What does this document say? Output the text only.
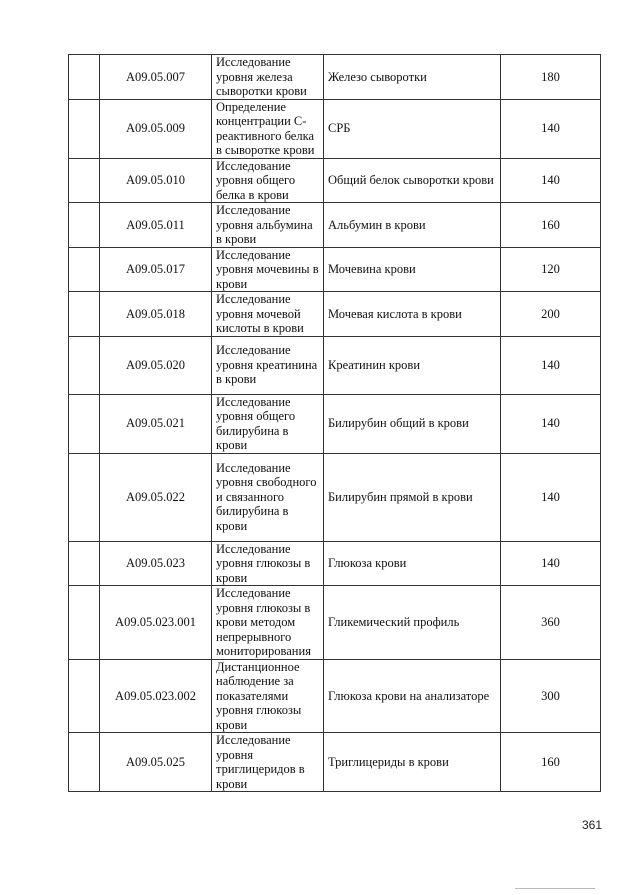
	A09.05.007	Исследование уровня железа сыворотки крови	Железо сыворотки	180
	A09.05.009	Определение концентрации С-реактивного белка в сыворотке крови	СРБ	140
	A09.05.010	Исследование уровня общего белка в крови	Общий белок сыворотки крови	140
	A09.05.011	Исследование уровня альбумина в крови	Альбумин в крови	160
	A09.05.017	Исследование уровня мочевины в крови	Мочевина крови	120
	A09.05.018	Исследование уровня мочевой кислоты в крови	Мочевая кислота в крови	200
	A09.05.020	Исследование уровня креатинина в крови	Креатинин крови	140
	A09.05.021	Исследование уровня общего билирубина в крови	Билирубин общий в крови	140
	A09.05.022	Исследование уровня свободного и связанного билирубина в крови	Билирубин прямой в крови	140
	A09.05.023	Исследование уровня глюкозы в крови	Глюкоза крови	140
	A09.05.023.001	Исследование уровня глюкозы в крови методом непрерывного мониторирования	Гликемический профиль	360
	A09.05.023.002	Дистанционное наблюдение за показателями уровня глюкозы крови	Глюкоза крови на анализаторе	300
	A09.05.025	Исследование уровня триглицеридов в крови	Триглицериды в крови	160
361
